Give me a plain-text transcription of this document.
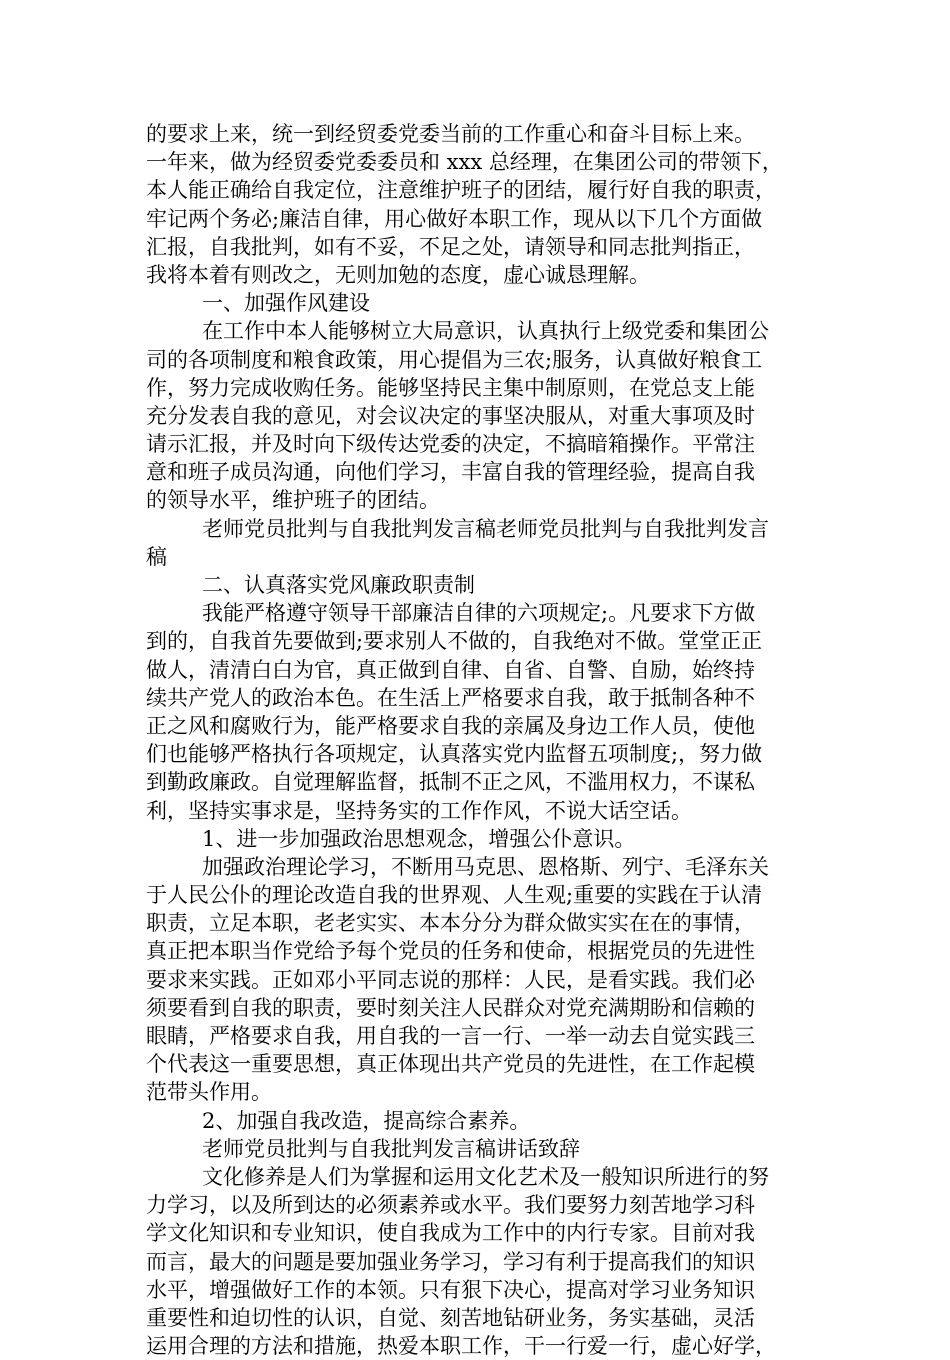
的要求上来，统一到经贸委党委当前的工作重心和奋斗目标上来。
一年来，做为经贸委党委委员和 xxx 总经理，在集团公司的带领下，
本人能正确给自我定位，注意维护班子的团结，履行好自我的职责，
牢记两个务必;廉洁自律，用心做好本职工作，现从以下几个方面做
汇报，自我批判，如有不妥，不足之处，请领导和同志批判指正，
我将本着有则改之，无则加勉的态度，虚心诚恳理解。
一、加强作风建设
在工作中本人能够树立大局意识，认真执行上级党委和集团公
司的各项制度和粮食政策，用心提倡为三农;服务，认真做好粮食工
作，努力完成收购任务。能够坚持民主集中制原则，在党总支上能
充分发表自我的意见，对会议决定的事坚决服从，对重大事项及时
请示汇报，并及时向下级传达党委的决定，不搞暗箱操作。平常注
意和班子成员沟通，向他们学习，丰富自我的管理经验，提高自我
的领导水平，维护班子的团结。
老师党员批判与自我批判发言稿老师党员批判与自我批判发言
稿
二、认真落实党风廉政职责制
我能严格遵守领导干部廉洁自律的六项规定;。凡要求下方做
到的，自我首先要做到;要求别人不做的，自我绝对不做。堂堂正正
做人，清清白白为官，真正做到自律、自省、自警、自励，始终持
续共产党人的政治本色。在生活上严格要求自我，敢于抵制各种不
正之风和腐败行为，能严格要求自我的亲属及身边工作人员，使他
们也能够严格执行各项规定，认真落实党内监督五项制度;，努力做
到勤政廉政。自觉理解监督，抵制不正之风，不滥用权力，不谋私
利，坚持实事求是，坚持务实的工作作风，不说大话空话。
1、进一步加强政治思想观念，增强公仆意识。
加强政治理论学习，不断用马克思、恩格斯、列宁、毛泽东关
于人民公仆的理论改造自我的世界观、人生观;重要的实践在于认清
职责，立足本职，老老实实、本本分分为群众做实实在在的事情，
真正把本职当作党给予每个党员的任务和使命，根据党员的先进性
要求来实践。正如邓小平同志说的那样：人民，是看实践。我们必
须要看到自我的职责，要时刻关注人民群众对党充满期盼和信赖的
眼睛，严格要求自我，用自我的一言一行、一举一动去自觉实践三
个代表这一重要思想，真正体现出共产党员的先进性，在工作起模
范带头作用。
2、加强自我改造，提高综合素养。
老师党员批判与自我批判发言稿讲话致辞
文化修养是人们为掌握和运用文化艺术及一般知识所进行的努
力学习，以及所到达的必须素养或水平。我们要努力刻苦地学习科
学文化知识和专业知识，使自我成为工作中的内行专家。目前对我
而言，最大的问题是要加强业务学习，学习有利于提高我们的知识
水平，增强做好工作的本领。只有狠下决心，提高对学习业务知识
重要性和迫切性的认识，自觉、刻苦地钻研业务，务实基础，灵活
运用合理的方法和措施，热爱本职工作，干一行爱一行，虚心好学，
